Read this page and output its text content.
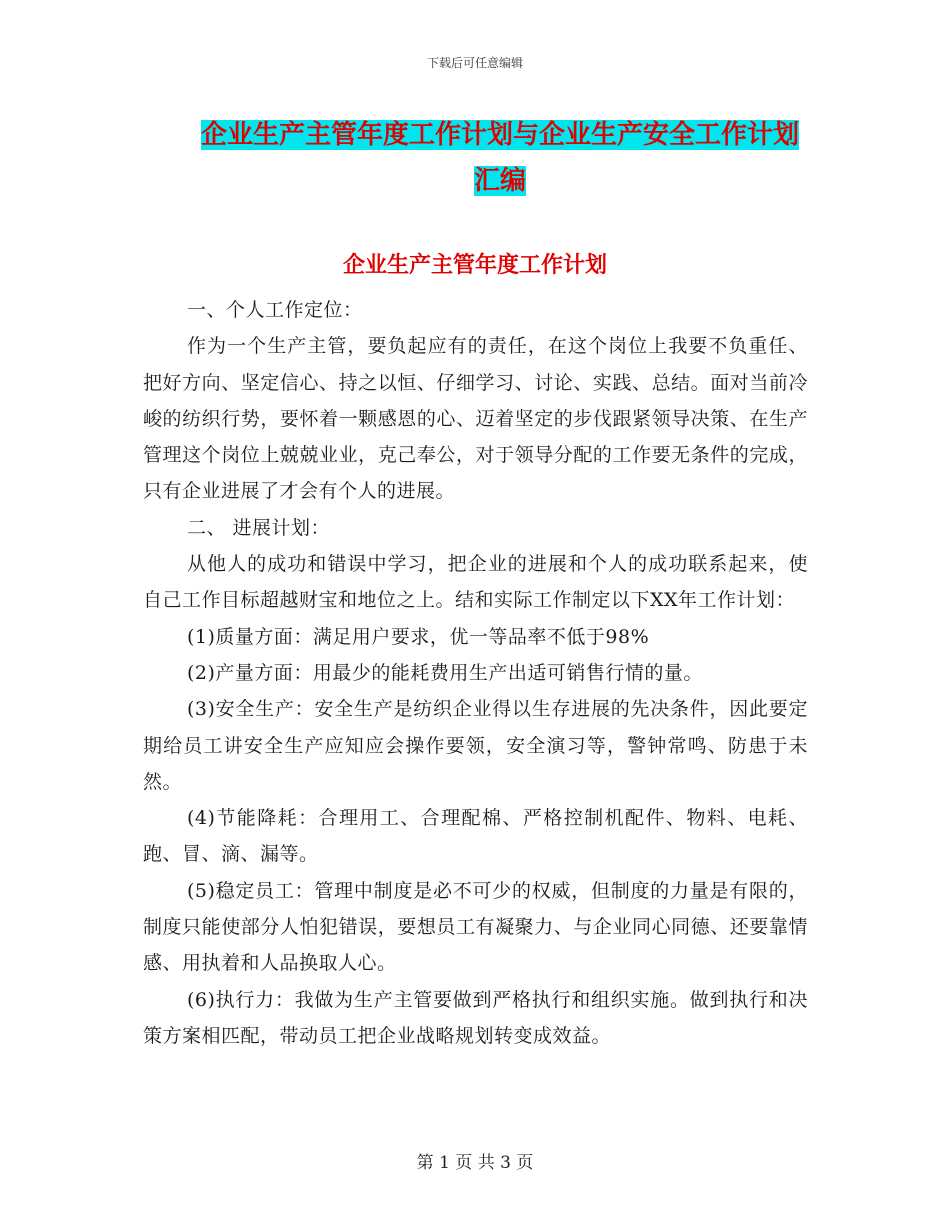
下载后可任意编辑
企业生产主管年度工作计划与企业生产安全工作计划
汇编
企业生产主管年度工作计划

一、个人工作定位：

作为一个生产主管，要负起应有的责任，在这个岗位上我要不负重任、把好方向、坚定信心、持之以恒、仔细学习、讨论、实践、总结。面对当前冷峻的纺织行势，要怀着一颗感恩的心、迈着坚定的步伐跟紧领导决策、在生产管理这个岗位上兢兢业业，克己奉公，对于领导分配的工作要无条件的完成，只有企业进展了才会有个人的进展。

二、 进展计划：

从他人的成功和错误中学习，把企业的进展和个人的成功联系起来，使自己工作目标超越财宝和地位之上。结和实际工作制定以下XX年工作计划：

(1)质量方面：满足用户要求，优一等品率不低于98%

(2)产量方面：用最少的能耗费用生产出适可销售行情的量。

(3)安全生产：安全生产是纺织企业得以生存进展的先决条件，因此要定期给员工讲安全生产应知应会操作要领，安全演习等，警钟常鸣、防患于未然。

(4)节能降耗：合理用工、合理配棉、严格控制机配件、物料、电耗、跑、冒、滴、漏等。

(5)稳定员工：管理中制度是必不可少的权威，但制度的力量是有限的，制度只能使部分人怕犯错误，要想员工有凝聚力、与企业同心同德、还要靠情感、用执着和人品换取人心。

(6)执行力：我做为生产主管要做到严格执行和组织实施。做到执行和决策方案相匹配，带动员工把企业战略规划转变成效益。

第 1 页 共 3 页
